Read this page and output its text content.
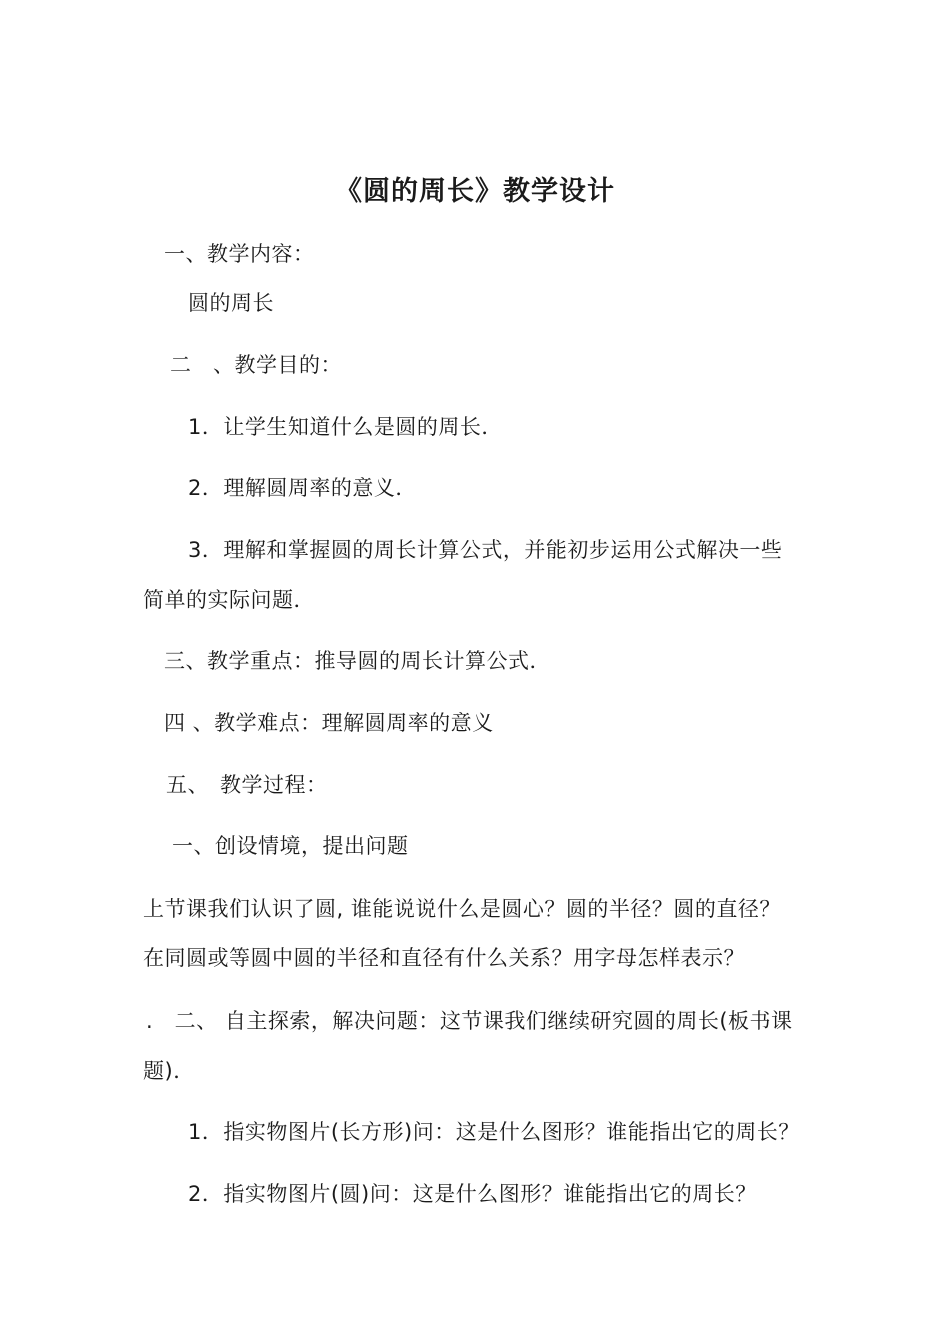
《圆的周长》教学设计
一、教学内容：
圆的周长
二　、教学目的：
1．让学生知道什么是圆的周长．
2．理解圆周率的意义．
3．理解和掌握圆的周长计算公式，并能初步运用公式解决一些
简单的实际问题．
三、教学重点：推导圆的周长计算公式．
四 、教学难点：理解圆周率的意义
五、　教学过程：
一、创设情境，提出问题
上节课我们认识了圆, 谁能说说什么是圆心？圆的半径？圆的直径？
在同圆或等圆中圆的半径和直径有什么关系？用字母怎样表示？
.　二、 自主探索，解决问题：这节课我们继续研究圆的周长(板书课
题)．
1．指实物图片(长方形)问：这是什么图形？谁能指出它的周长？
2．指实物图片(圆)问：这是什么图形？谁能指出它的周长？
